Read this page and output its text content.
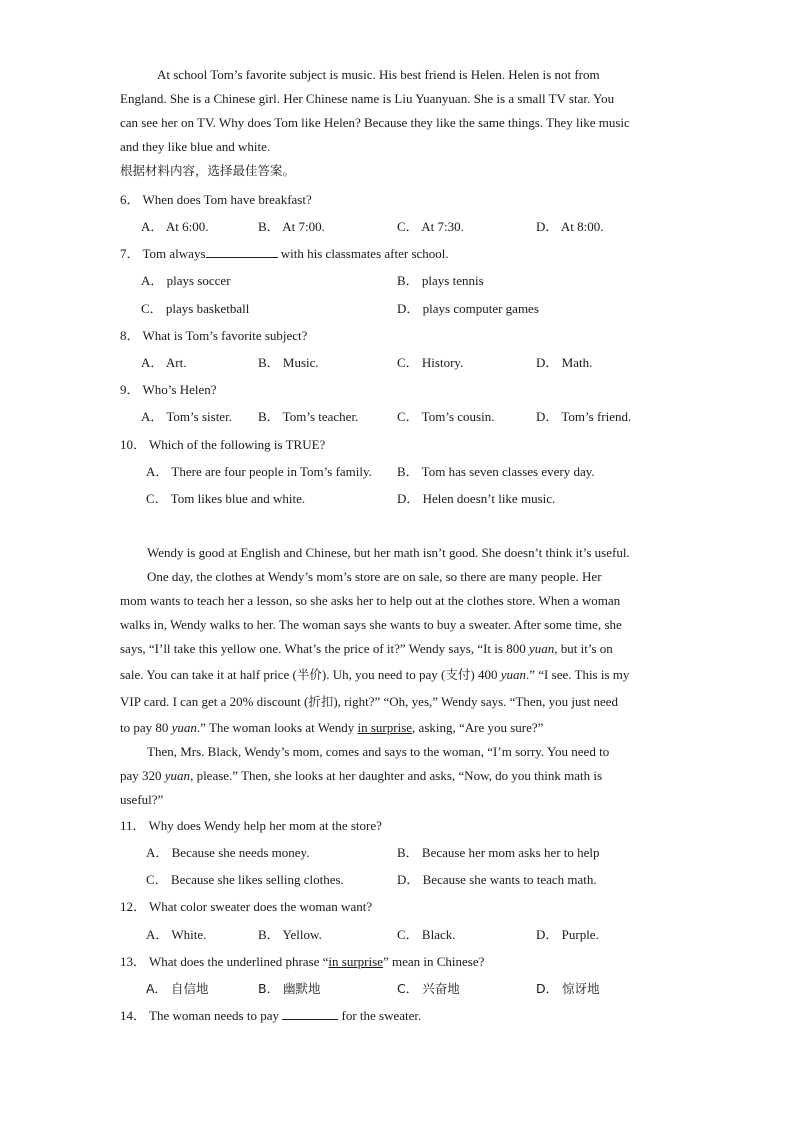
At school Tom’s favorite subject is music. His best friend is Helen. Helen is not from
England. She is a Chinese girl. Her Chinese name is Liu Yuanyuan. She is a small TV star. You
can see her on TV. Why does Tom like Helen? Because they like the same things. They like music
and they like blue and white.
根据材料内容，选择最佳答案。
6． When does Tom have breakfast?
A． At 6:00.	B． At 7:00.	C． At 7:30.	D． At 8:00.
7． Tom always	with his classmates after school.
A． plays soccer	B． plays tennis
C． plays basketball	D． plays computer games
8． What is Tom’s favorite subject?
A． Art.	B． Music.	C． History.	D． Math.
9． Who’s Helen?
A． Tom’s sister. B． Tom’s teacher.	C． Tom’s cousin.	D． Tom’s friend.
10． Which of the following is TRUE?
A． There are four people in Tom’s family. B． Tom has seven classes every day.
C． Tom likes blue and white.	D． Helen doesn’t like music.
Wendy is good at English and Chinese, but her math isn’t good. She doesn’t think it’s useful.
One day, the clothes at Wendy’s mom’s store are on sale, so there are many people. Her
mom wants to teach her a lesson, so she asks her to help out at the clothes store. When a woman
walks in, Wendy walks to her. The woman says she wants to buy a sweater. After some time, she
says, “I’ll take this yellow one. What’s the price of it?” Wendy says, “It is 800 yuan, but it’s on
sale. You can take it at half price (半价). Uh, you need to pay (支付) 400 yuan.” “I see. This is my
VIP card. I can get a 20% discount (折扣), right?” “Oh, yes,” Wendy says. “Then, you just need
to pay 80 yuan.” The woman looks at Wendy in surprise, asking, “Are you sure?”
Then, Mrs. Black, Wendy’s mom, comes and says to the woman, “I’m sorry. You need to
pay 320 yuan, please.” Then, she looks at her daughter and asks, “Now, do you think math is
useful?”
11． Why does Wendy help her mom at the store?
A． Because she needs money.	B． Because her mom asks her to help
C． Because she likes selling clothes.	D． Because she wants to teach math.
12． What color sweater does the woman want?
A． White.	B． Yellow.	C． Black.	D． Purple.
13． What does the underlined phrase “in surprise” mean in Chinese?
A． 自信地	B． 幽默地	C． 兴奋地	D． 惊讶地
14． The woman needs to pay	for the sweater.
